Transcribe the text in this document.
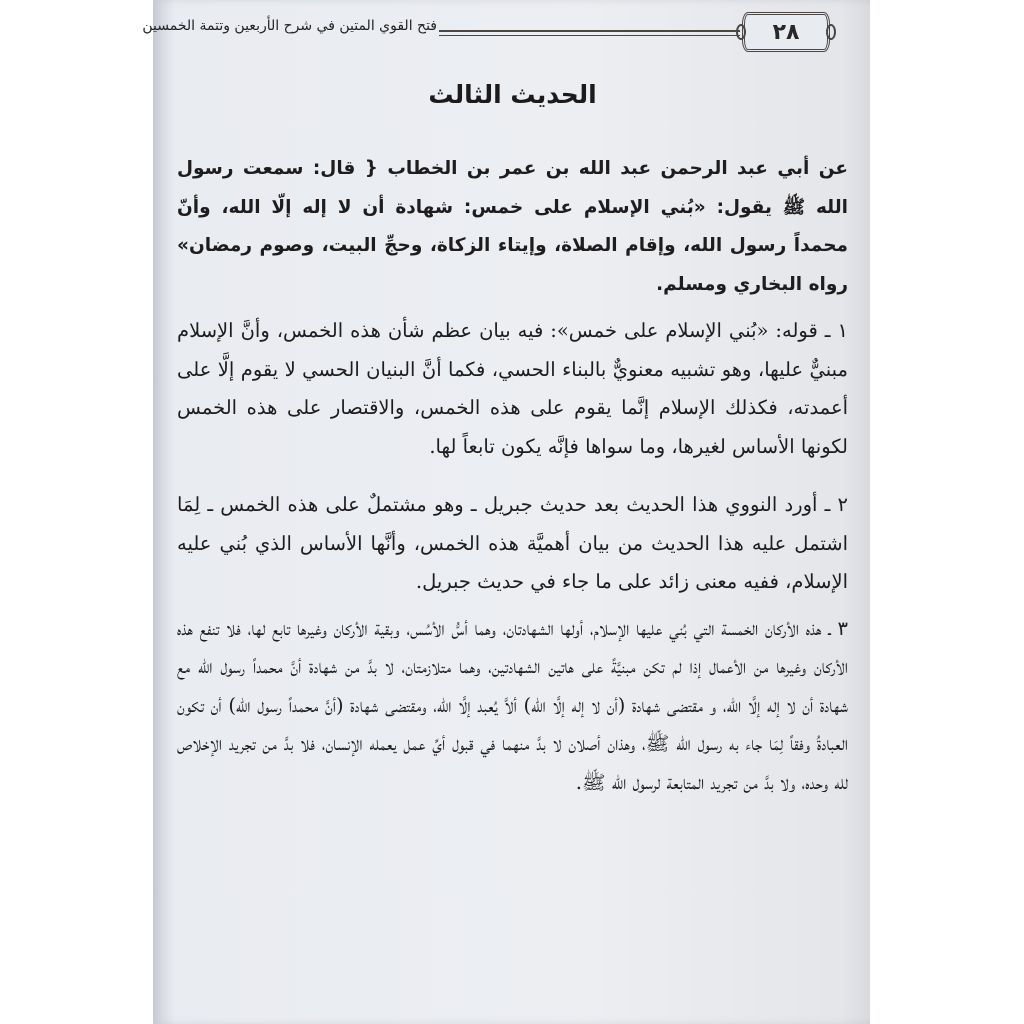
٢٨
فتح القوي المتين في شرح الأربعين وتتمة الخمسين
الحديث الثالث

عن أبي عبد الرحمن عبد الله بن عمر بن الخطاب { قال: سمعت رسول الله ﷺ يقول: «بُني الإسلام على خمس: شهادة أن لا إله إلّا الله، وأنّ محمداً رسول الله، وإقام الصلاة، وإيتاء الزكاة، وحجِّ البيت، وصوم رمضان» رواه البخاري ومسلم.

١ ـ قوله: «بُني الإسلام على خمس»: فيه بيان عظم شأن هذه الخمس، وأنَّ الإسلام مبنيٌّ عليها، وهو تشبيه معنويٌّ بالبناء الحسي، فكما أنَّ البنيان الحسي لا يقوم إلَّا على أعمدته، فكذلك الإسلام إنَّما يقوم على هذه الخمس، والاقتصار على هذه الخمس لكونها الأساس لغيرها، وما سواها فإنَّه يكون تابعاً لها.

٢ ـ أورد النووي هذا الحديث بعد حديث جبريل ـ وهو مشتملٌ على هذه الخمس ـ لِمَا اشتمل عليه هذا الحديث من بيان أهميَّة هذه الخمس، وأنَّها الأساس الذي بُني عليه الإسلام، ففيه معنى زائد على ما جاء في حديث جبريل.

٣ ـ هذه الأركان الخمسة التي بُني عليها الإسلام، أولها الشهادتان، وهما أسُّ الأسُس، وبقية الأركان وغيرها تابع لها، فلا تنفع هذه الأركان وغيرها من الأعمال إذا لم تكن مبنيَّةً على هاتين الشهادتين، وهما متلازمتان، لا بدَّ من شهادة أنَّ محمداً رسول الله مع شهادة أن لا إله إلَّا الله، و مقتضى شهادة (أن لا إله إلَّا الله) ألاَّ يُعبد إلَّا الله، ومقتضى شهادة (أنَّ محمداً رسول الله) أن تكون العبادةُ وفقاً لِمَا جاء به رسول الله ﷺ، وهذان أصلان لا بدَّ منهما في قبول أيِّ عمل يعمله الإنسان، فلا بدَّ من تجريد الإخلاص لله وحده، ولا بدَّ من تجريد المتابعة لرسول الله ﷺ.
